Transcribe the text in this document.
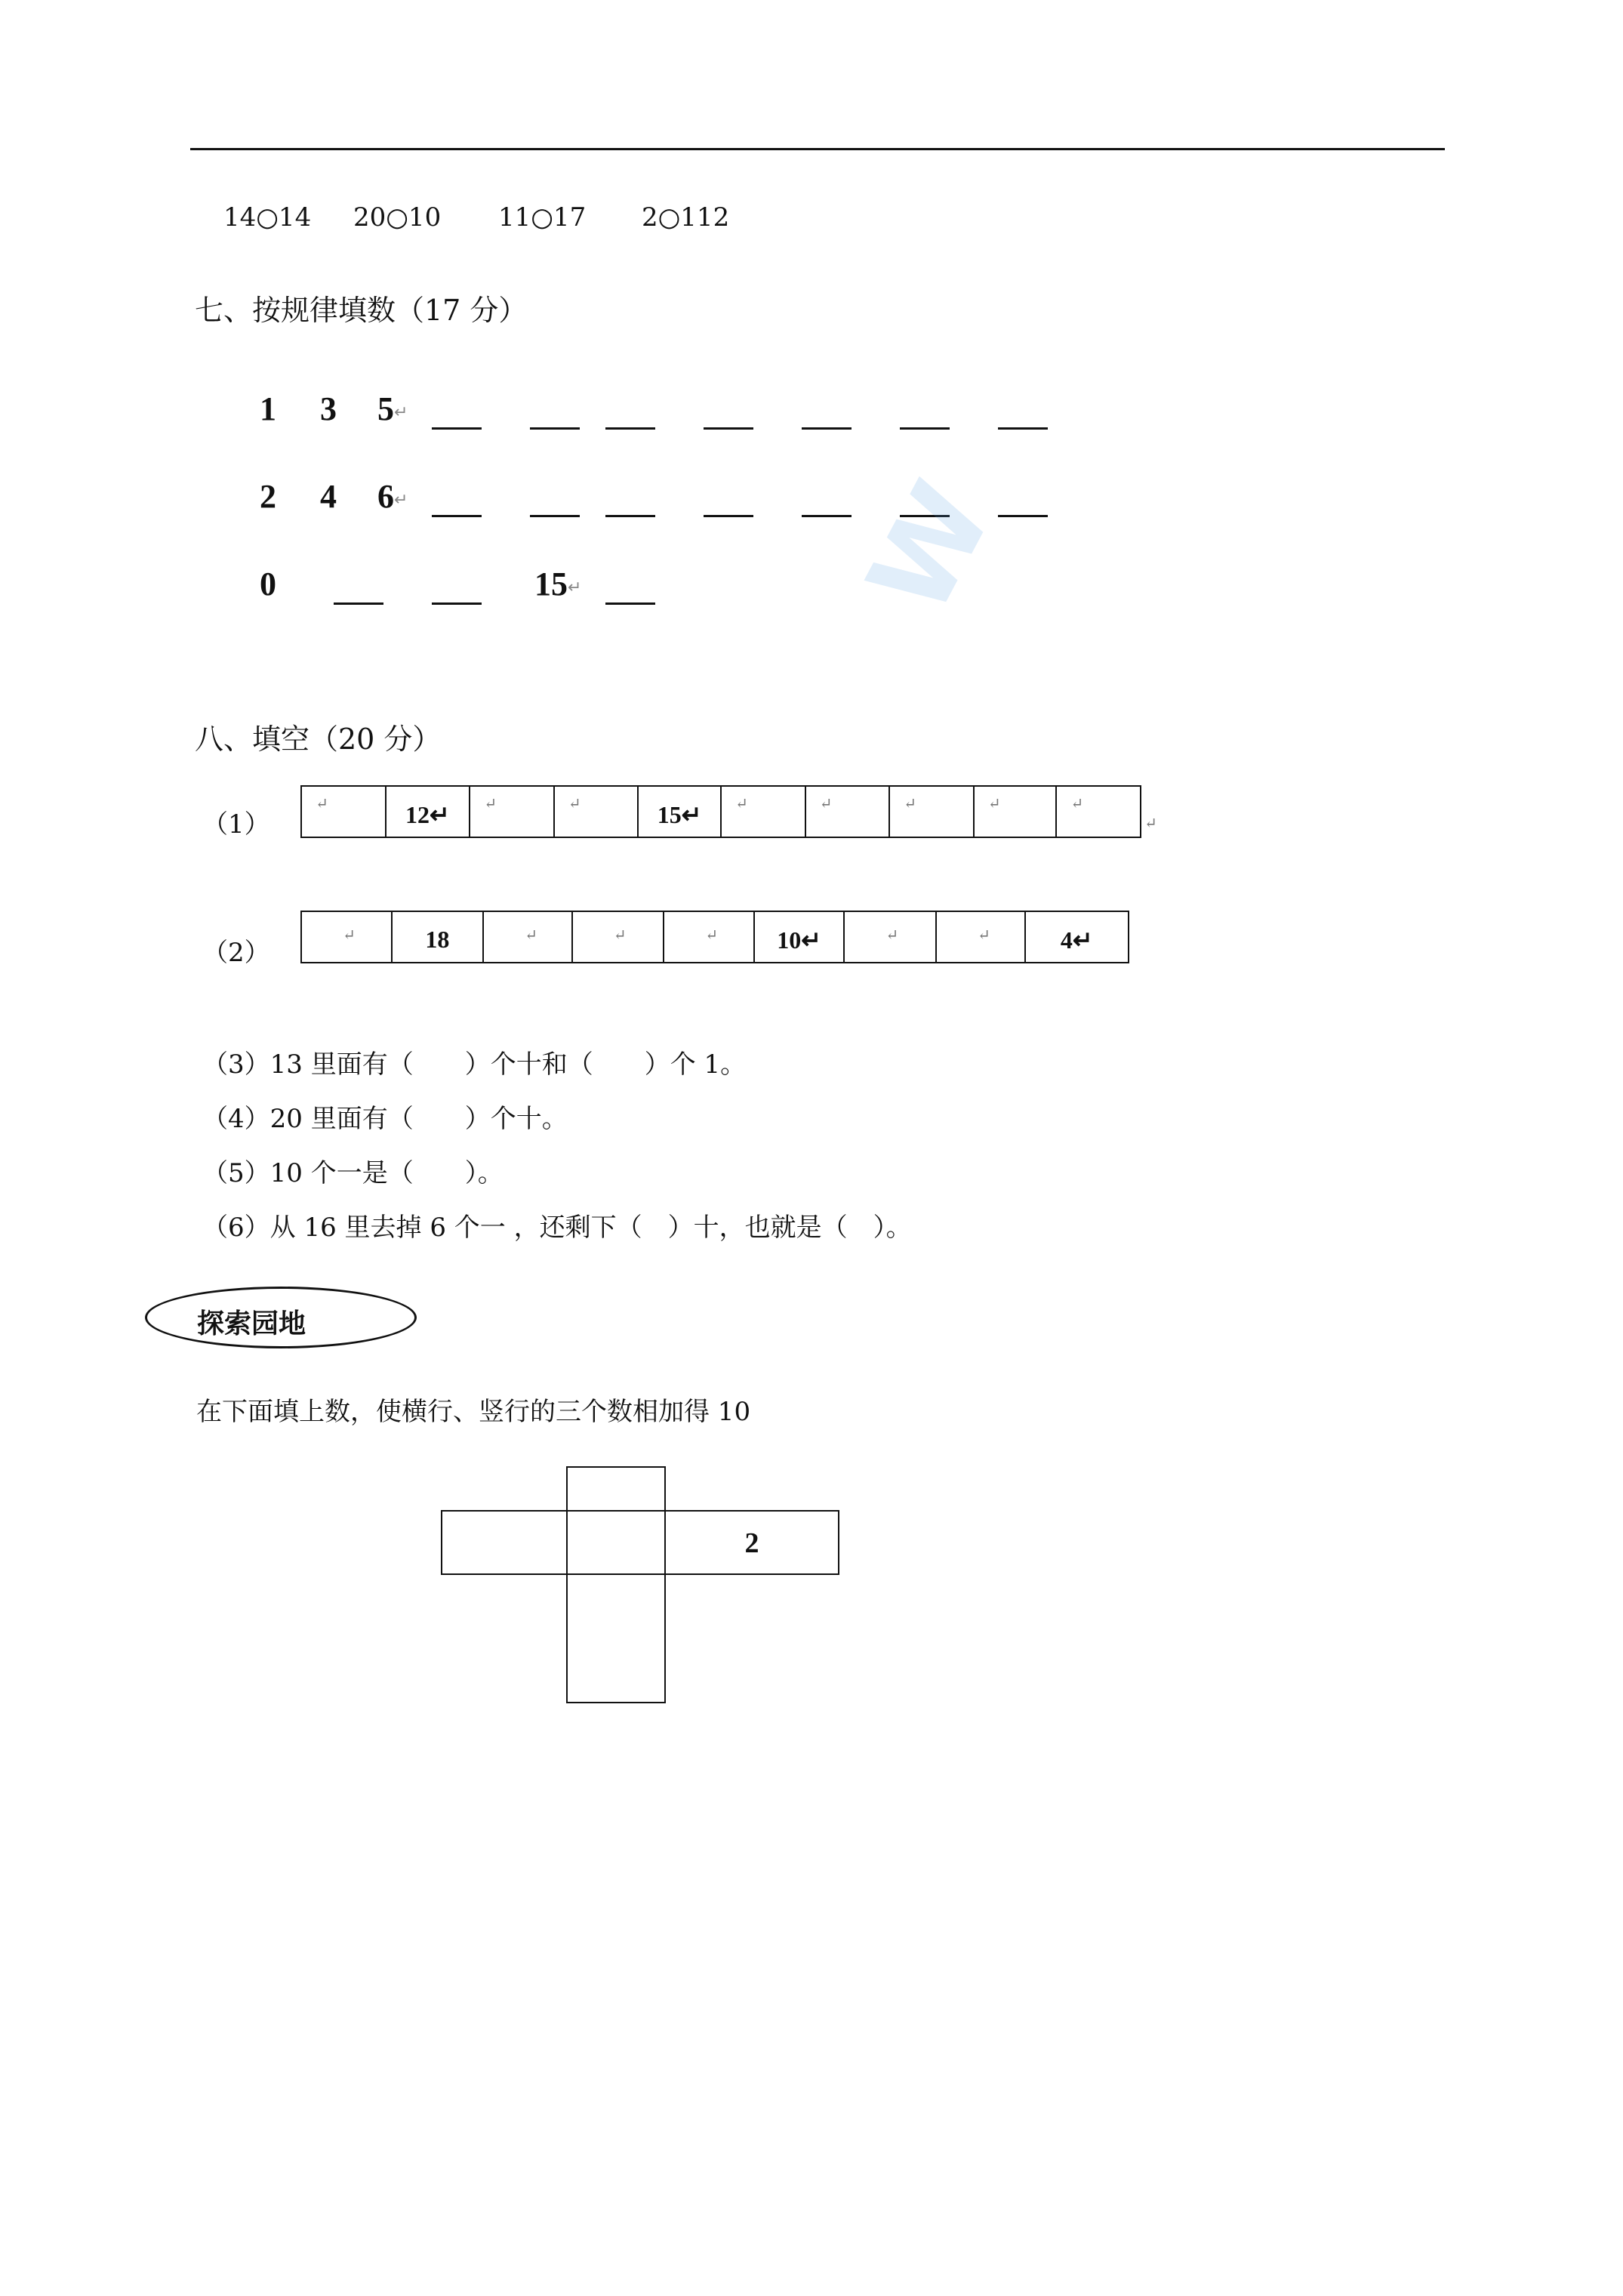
14○14 20○10 11○17 2○112
七、按规律填数（17 分）
1 3 5↵
2 4 6↵
0	15↵ W
八、填空（20 分）
（1）
↵	12↵	↵	↵	15↵	↵	↵	↵	↵	↵
↵
（2）
↵	18	↵	↵	↵	10↵	↵	↵	4↵
（3）13 里面有（　　）个十和（　　）个 1。
（4）20 里面有（　　）个十。
（5）10 个一是（　　）。
（6）从 16 里去掉 6 个一 ，还剩下（　）十，也就是（　）。
探索园地
在下面填上数，使横行、竖行的三个数相加得 10
2
